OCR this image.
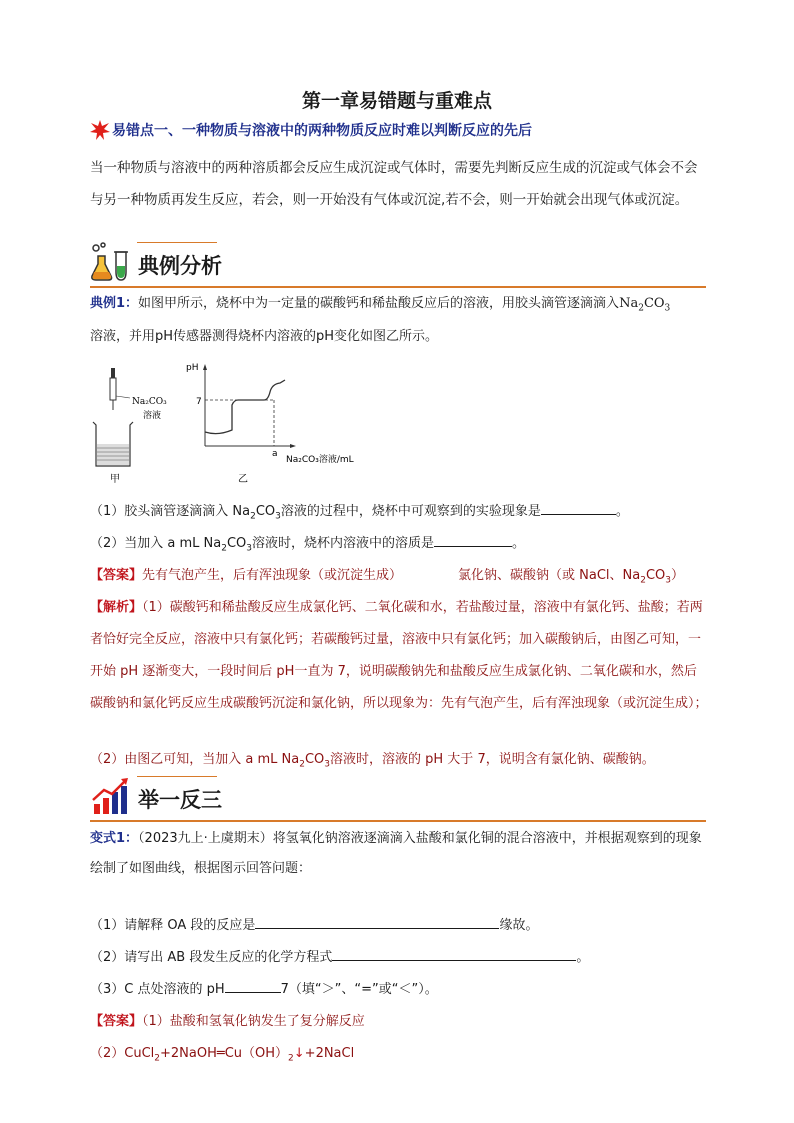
第一章易错题与重难点
易错点一、一种物质与溶液中的两种物质反应时难以判断反应的先后
当一种物质与溶液中的两种溶质都会反应生成沉淀或气体时，需要先判断反应生成的沉淀或气体会不会与另一种物质再发生反应，若会，则一开始没有气体或沉淀,若不会，则一开始就会出现气体或沉淀。
典例分析
典例1：如图甲所示，烧杯中为一定量的碳酸钙和稀盐酸反应后的溶液，用胶头滴管逐滴滴入$Na_2CO_3$
溶液，并用pH传感器测得烧杯内溶液的pH变化如图乙所示。
Na₂CO₃
溶液
甲
pH
7
a
Na₂CO₃溶液/mL
乙
（1）胶头滴管逐滴滴入 $Na_2CO_3$溶液的过程中，烧杯中可观察到的实验现象是	。
（2）当加入 a mL $Na_2CO_3$溶液时，烧杯内溶液中的溶质是	。
【答案】先有气泡产生，后有浑浊现象（或沉淀生成）	氯化钠、碳酸钠（或 NaCl、$Na_2CO_3$）
【解析】（1）碳酸钙和稀盐酸反应生成氯化钙、二氧化碳和水，若盐酸过量，溶液中有氯化钙、盐酸；若两者恰好完全反应，溶液中只有氯化钙；若碳酸钙过量，溶液中只有氯化钙；加入碳酸钠后，由图乙可知，一开始 pH 逐渐变大，一段时间后 pH一直为 7，说明碳酸钠先和盐酸反应生成氯化钠、二氧化碳和水，然后碳酸钠和氯化钙反应生成碳酸钙沉淀和氯化钠，所以现象为：先有气泡产生，后有浑浊现象（或沉淀生成）；
（2）由图乙可知，当加入 a mL $Na_2CO_3$溶液时，溶液的 pH 大于 7，说明含有氯化钠、碳酸钠。
举一反三
变式1：（2023九上·上虞期末）将氢氧化钠溶液逐滴滴入盐酸和氯化铜的混合溶液中，并根据观察到的现象绘制了如图曲线，根据图示回答问题：
（1）请解释 OA 段的反应是	缘故。
（2）请写出 AB 段发生反应的化学方程式	。
（3）C 点处溶液的 pH	7（填“＞”、“=”或“＜”）。
【答案】（1）盐酸和氢氧化钠发生了复分解反应
$(2)CuCl_2+2NaOH═Cu(OH)_2↓+2NaCl$
